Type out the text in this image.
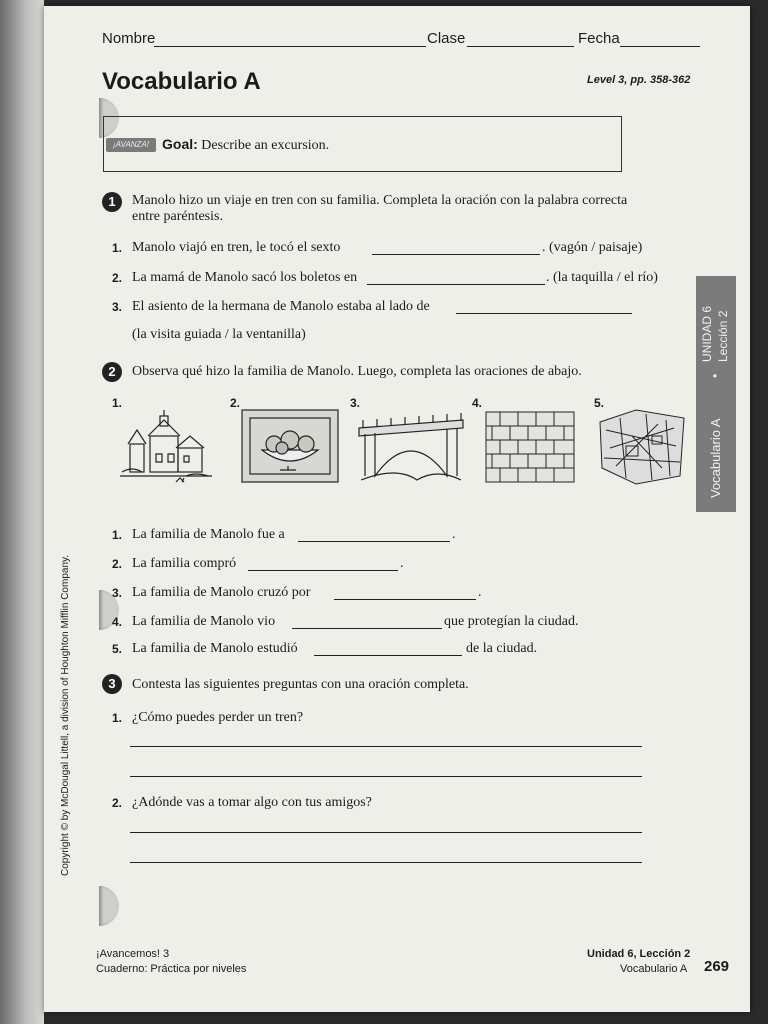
Nombre	Clase	Fecha
Vocabulario A	Level 3, pp. 358-362
¡AVANZA! Goal: Describe an excursion.
UNIDAD 6 Lección 2
•
Vocabulario A
1	Manolo hizo un viaje en tren con su familia. Completa la oración con la palabra correcta
entre paréntesis.
1. Manolo viajó en tren, le tocó el sexto	. (vagón / paisaje)
2. La mamá de Manolo sacó los boletos en	. (la taquilla / el río)
3. El asiento de la hermana de Manolo estaba al lado de
(la visita guiada / la ventanilla)
2	Observa qué hizo la familia de Manolo. Luego, completa las oraciones de abajo.
1.	2.	3.	4.	5.
1. La familia de Manolo fue a	.
2. La familia compró	.
3. La familia de Manolo cruzó por	.
4. La familia de Manolo vio	que protegían la ciudad.
5. La familia de Manolo estudió	de la ciudad.
3	Contesta las siguientes preguntas con una oración completa.
1. ¿Cómo puedes perder un tren?
2. ¿Adónde vas a tomar algo con tus amigos?
Copyright © by McDougal Littell, a division of Houghton Mifflin Company.
¡Avancemos! 3
Cuaderno: Práctica por niveles
Unidad 6, Lección 2
Vocabulario A 269
